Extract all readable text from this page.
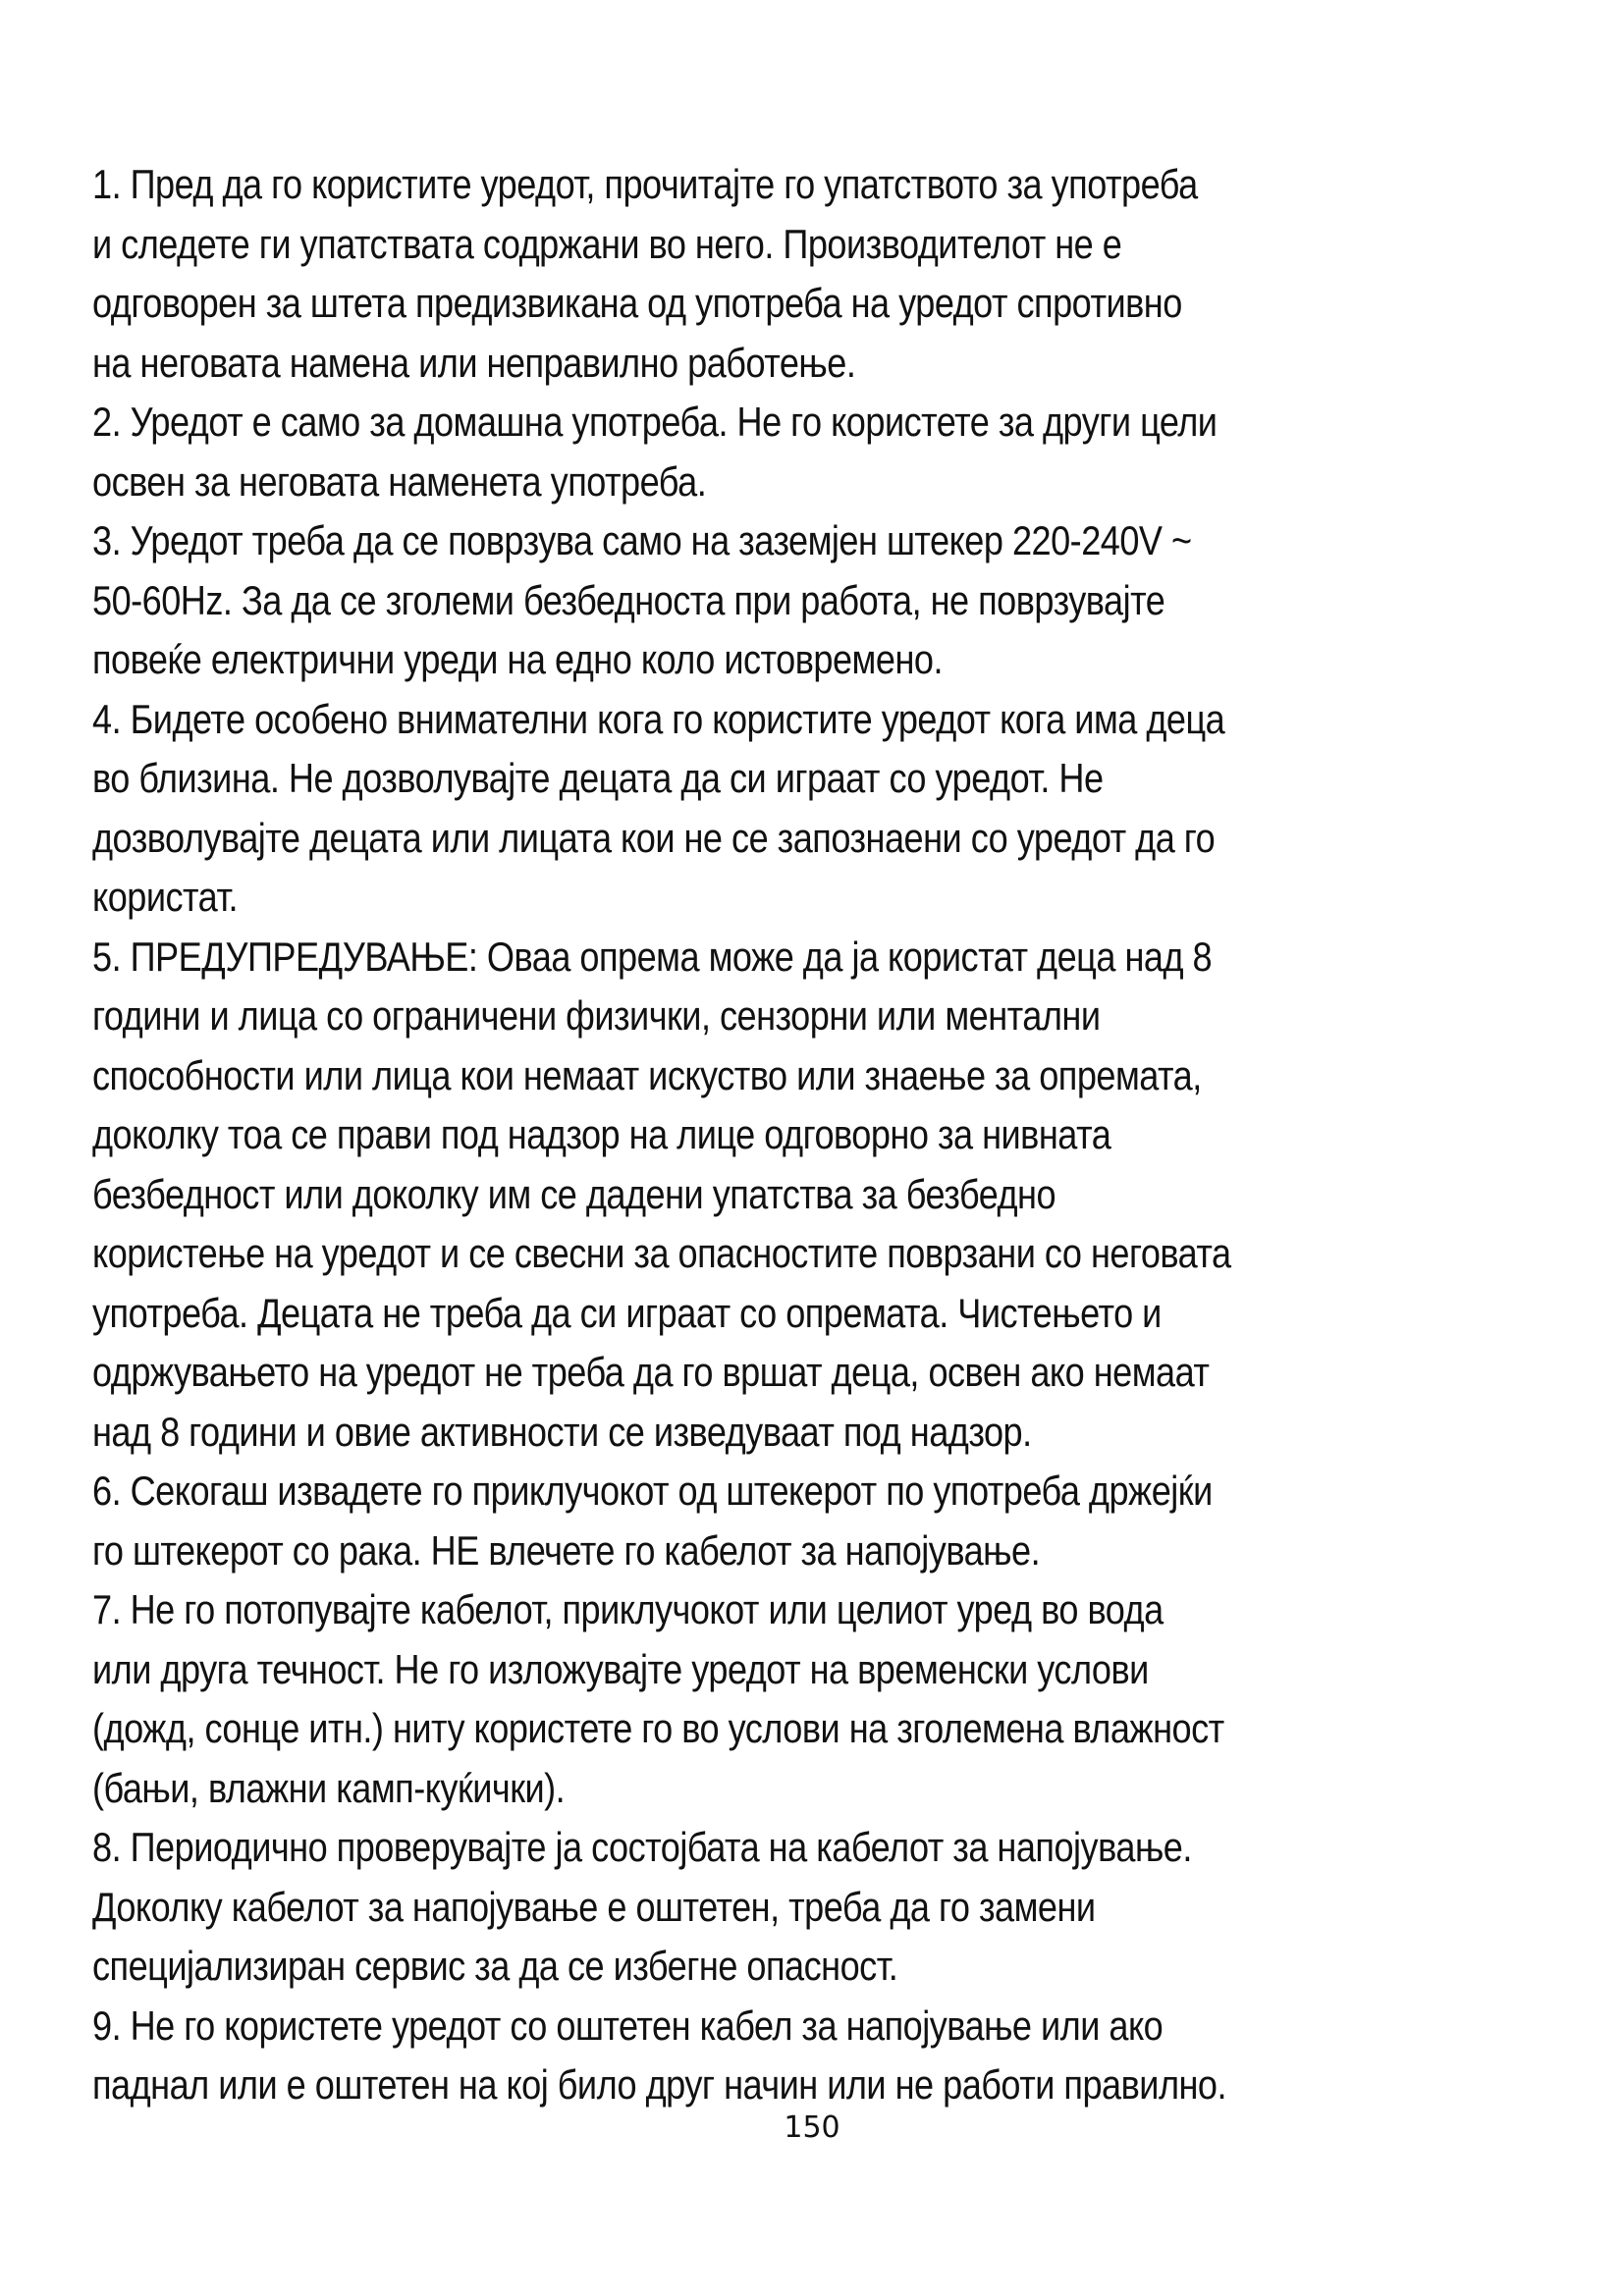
1. Пред да го користите уредот, прочитајте го упатството за употреба
и следете ги упатствата содржани во него. Производителот не е
одговорен за штета предизвикана од употреба на уредот спротивно
на неговата намена или неправилно работење.

2. Уредот е само за домашна употреба. Не го користете за други цели
освен за неговата наменета употреба.

3. Уредот треба да се поврзува само на заземјен штекер 220-240V ~
50-60Hz. За да се зголеми безбедноста при работа, не поврзувајте
повеќе електрични уреди на едно коло истовремено.

4. Бидете особено внимателни кога го користите уредот кога има деца
во близина. Не дозволувајте децата да си играат со уредот. Не
дозволувајте децата или лицата кои не се запознаени со уредот да го
користат.

5. ПРЕДУПРЕДУВАЊЕ: Оваа опрема може да ја користат деца над 8
години и лица со ограничени физички, сензорни или ментални
способности или лица кои немаат искуство или знаење за опремата,
доколку тоа се прави под надзор на лице одговорно за нивната
безбедност или доколку им се дадени упатства за безбедно
користење на уредот и се свесни за опасностите поврзани со неговата
употреба. Децата не треба да си играат со опремата. Чистењето и
одржувањето на уредот не треба да го вршат деца, освен ако немаат
над 8 години и овие активности се изведуваат под надзор.

6. Секогаш извадете го приклучокот од штекерот по употреба држејќи
го штекерот со рака. НЕ влечете го кабелот за напојување.

7. Не го потопувајте кабелот, приклучокот или целиот уред во вода
или друга течност. Не го изложувајте уредот на временски услови
(дожд, сонце итн.) ниту користете го во услови на зголемена влажност
(бањи, влажни камп-куќички).

8. Периодично проверувајте ја состојбата на кабелот за напојување.
Доколку кабелот за напојување е оштетен, треба да го замени
специјализиран сервис за да се избегне опасност.

9. Не го користете уредот со оштетен кабел за напојување или ако
паднал или е оштетен на кој било друг начин или не работи правилно.

150
